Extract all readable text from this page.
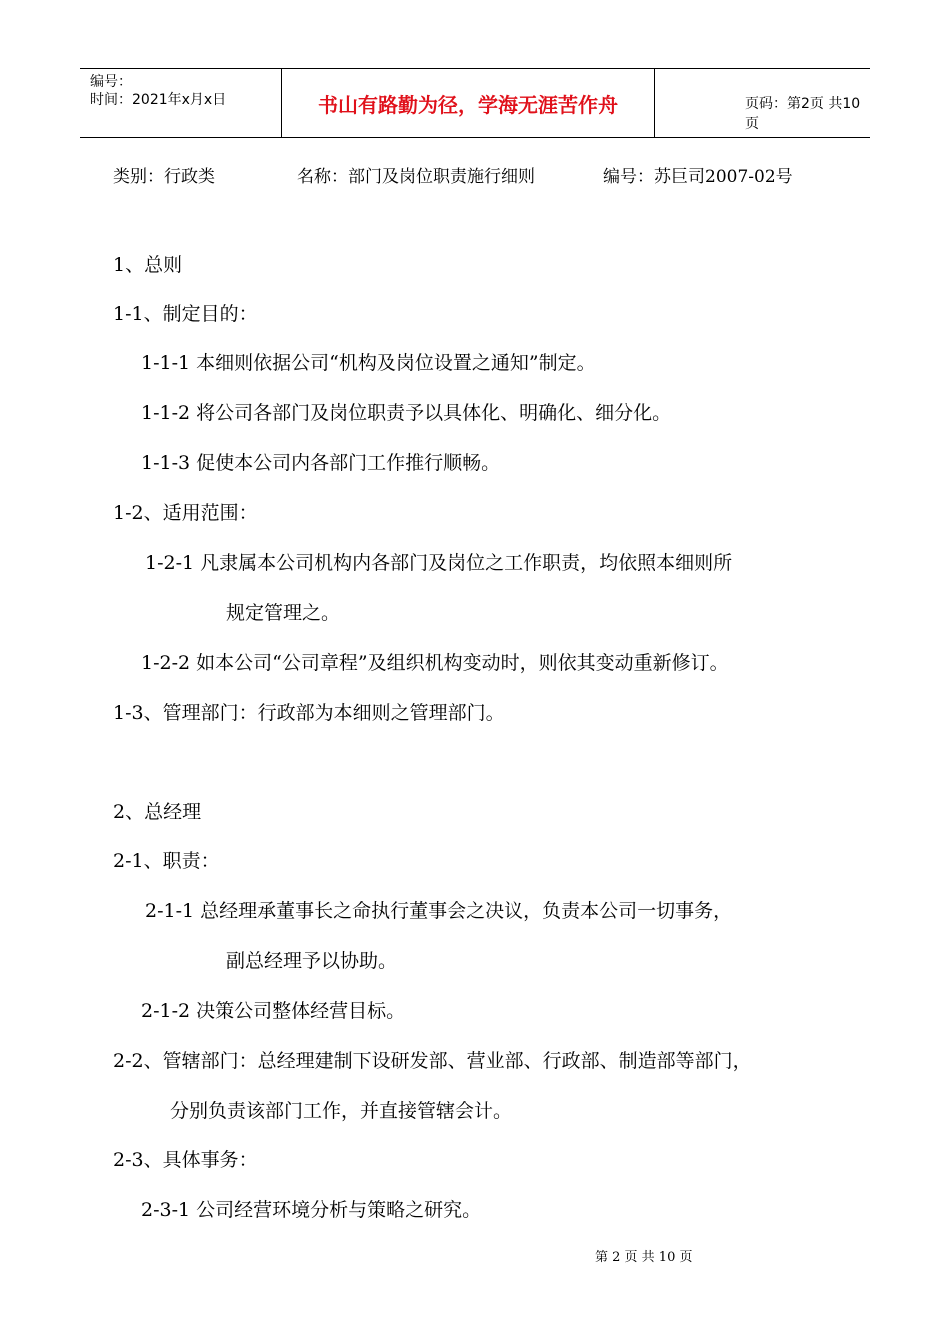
编号：
时间：2021年x月x日	书山有路勤为径，学海无涯苦作舟	页码：第2页 共10页
类别：行政类	名称：部门及岗位职责施行细则	编号：苏巨司2007-02号
1、总则
1-1、制定目的：
1-1-1 本细则依据公司“机构及岗位设置之通知”制定。
1-1-2 将公司各部门及岗位职责予以具体化、明确化、细分化。
1-1-3 促使本公司内各部门工作推行顺畅。
1-2、适用范围：
1-2-1 凡隶属本公司机构内各部门及岗位之工作职责，均依照本细则所
规定管理之。
1-2-2 如本公司“公司章程”及组织机构变动时，则依其变动重新修订。
1-3、管理部门：行政部为本细则之管理部门。
2、总经理
2-1、职责：
2-1-1 总经理承董事长之命执行董事会之决议，负责本公司一切事务，
副总经理予以协助。
2-1-2 决策公司整体经营目标。
2-2、管辖部门：总经理建制下设研发部、营业部、行政部、制造部等部门，
分别负责该部门工作，并直接管辖会计。
2-3、具体事务：
2-3-1 公司经营环境分析与策略之研究。
第 2 页 共 10 页
